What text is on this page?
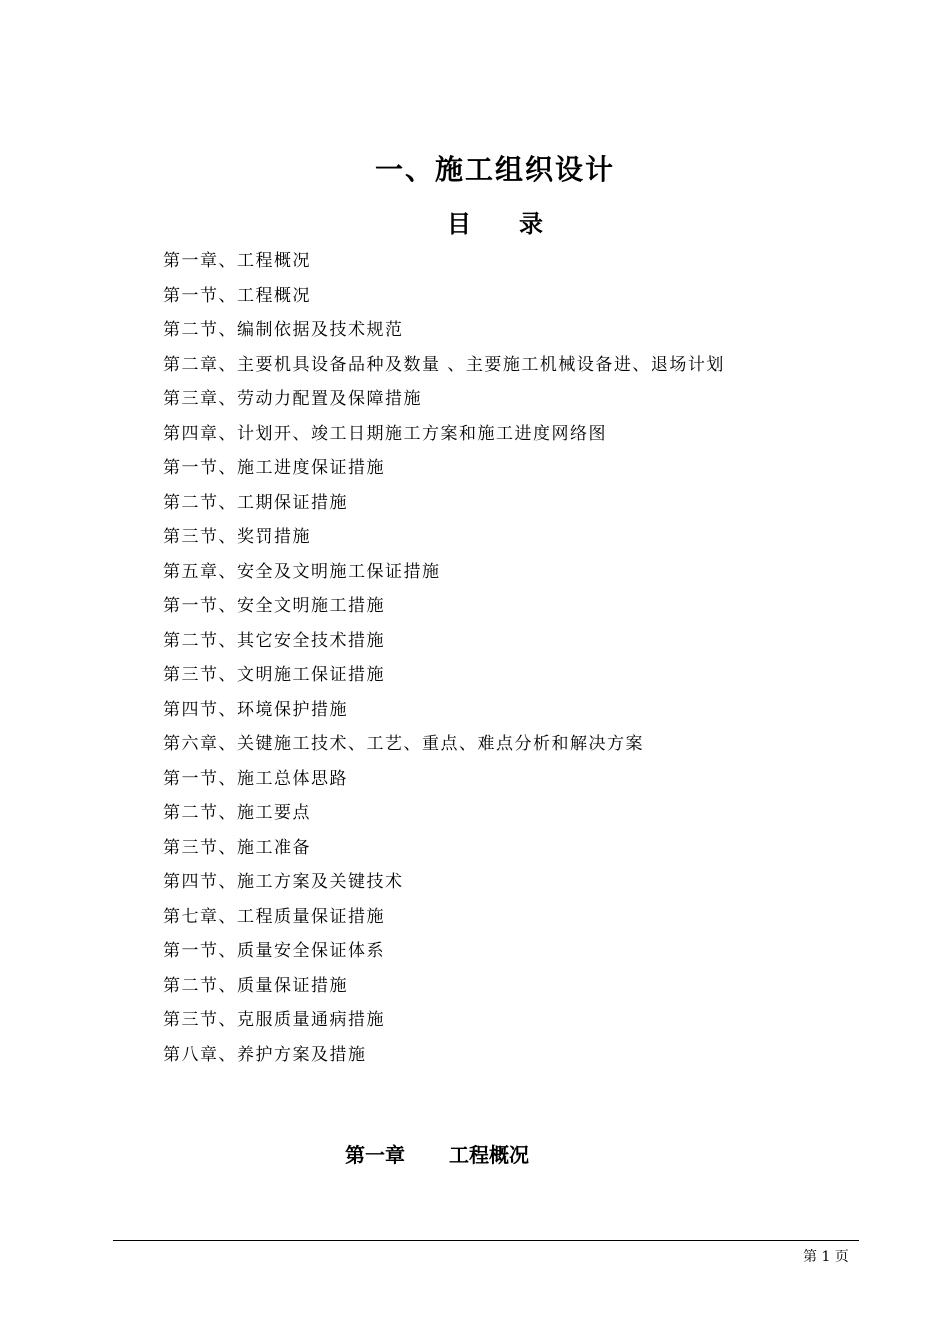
一、施工组织设计
目 录
第一章、工程概况
第一节、工程概况
第二节、编制依据及技术规范
第二章、主要机具设备品种及数量 、主要施工机械设备进、退场计划
第三章、劳动力配置及保障措施
第四章、计划开、竣工日期施工方案和施工进度网络图
第一节、施工进度保证措施
第二节、工期保证措施
第三节、奖罚措施
第五章、安全及文明施工保证措施
第一节、安全文明施工措施
第二节、其它安全技术措施
第三节、文明施工保证措施
第四节、环境保护措施
第六章、关键施工技术、工艺、重点、难点分析和解决方案
第一节、施工总体思路
第二节、施工要点
第三节、施工准备
第四节、施工方案及关键技术
第七章、工程质量保证措施
第一节、质量安全保证体系
第二节、质量保证措施
第三节、克服质量通病措施
第八章、养护方案及措施
第一章 工程概况
第 1 页
